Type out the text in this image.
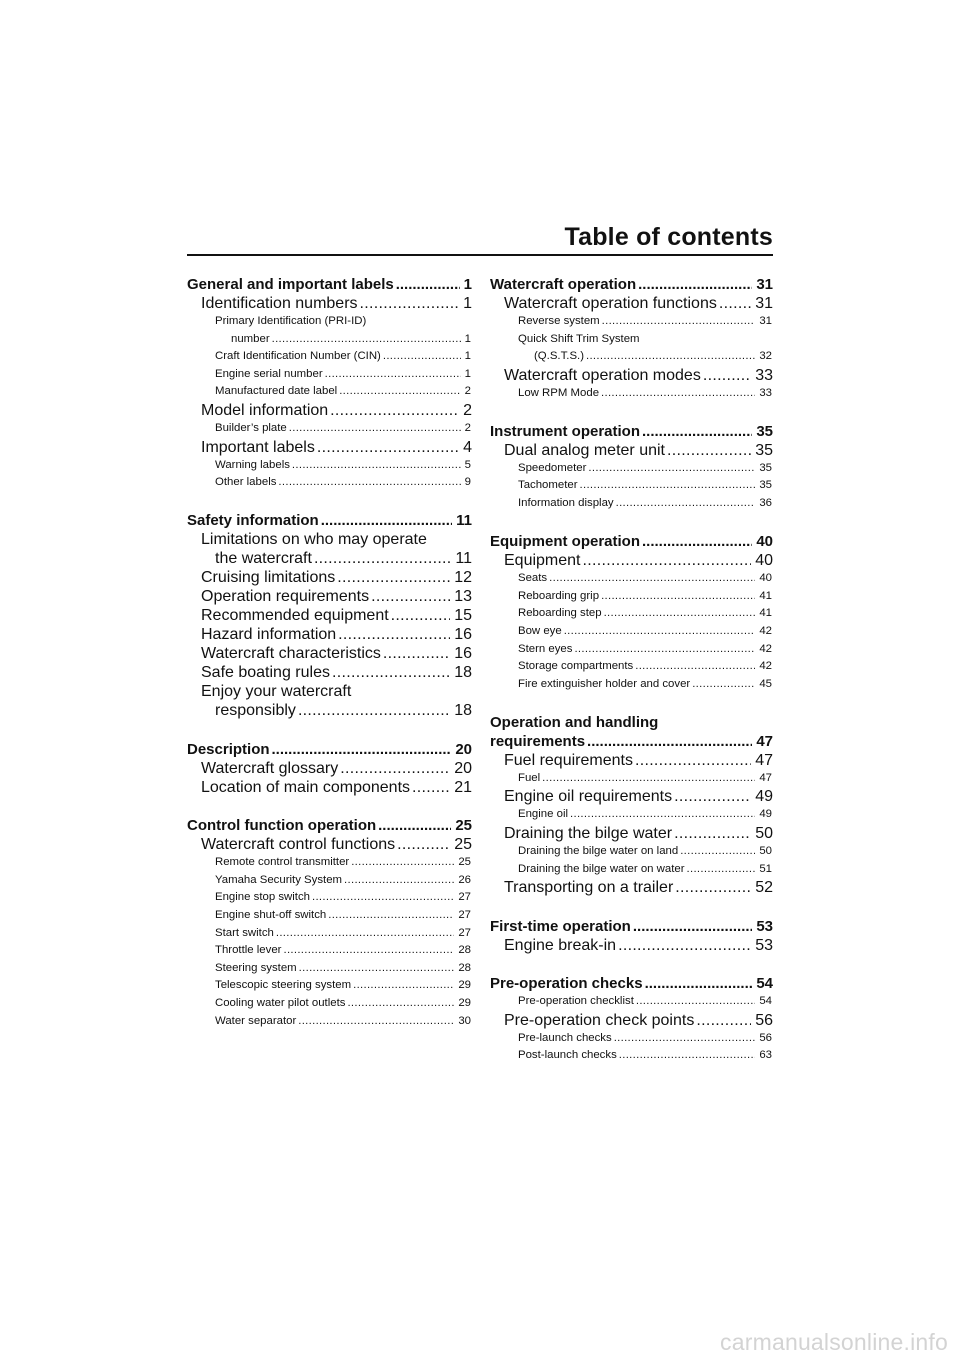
Table of contents
General and important labels .....	1
Identification numbers .....	1
Primary Identification (PRI-ID)
number .....	1
Craft Identification Number (CIN) .....	1
Engine serial number .....	1
Manufactured date label .....	2
Model information .....	2
Builder’s plate .....	2
Important labels .....	4
Warning labels .....	5
Other labels .....	9
Safety information .....	11
Limitations on who may operate
the watercraft .....	11
Cruising limitations .....	12
Operation requirements .....	13
Recommended equipment .....	15
Hazard information .....	16
Watercraft characteristics .....	16
Safe boating rules .....	18
Enjoy your watercraft
responsibly .....	18
Description .....	20
Watercraft glossary .....	20
Location of main components .....	21
Control function operation .....	25
Watercraft control functions .....	25
Remote control transmitter .....	25
Yamaha Security System .....	26
Engine stop switch .....	27
Engine shut-off switch .....	27
Start switch .....	27
Throttle lever .....	28
Steering system .....	28
Telescopic steering system .....	29
Cooling water pilot outlets .....	29
Water separator .....	30
Watercraft operation .....	31
Watercraft operation functions ..... 31
Reverse system .....	31
Quick Shift Trim System
(Q.S.T.S.) .....	32
Watercraft operation modes .....	33
Low RPM Mode .....	33
Instrument operation .....	35
Dual analog meter unit .....	35
Speedometer .....	35
Tachometer .....	35
Information display .....	36
Equipment operation .....	40
Equipment .....	40
Seats .....	40
Reboarding grip .....	41
Reboarding step .....	41
Bow eye .....	42
Stern eyes .....	42
Storage compartments .....	42
Fire extinguisher holder and cover .....	45
Operation and handling
requirements .....	47
Fuel requirements .....	47
Fuel .....	47
Engine oil requirements .....	49
Engine oil .....	49
Draining the bilge water .....	50
Draining the bilge water on land .....	50
Draining the bilge water on water .....	51
Transporting on a trailer .....	52
First-time operation .....	53
Engine break-in .....	53
Pre-operation checks .....	54
Pre-operation checklist .....	54
Pre-operation check points .....	56
Pre-launch checks .....	56
Post-launch checks .....	63
carmanualsonline.info
